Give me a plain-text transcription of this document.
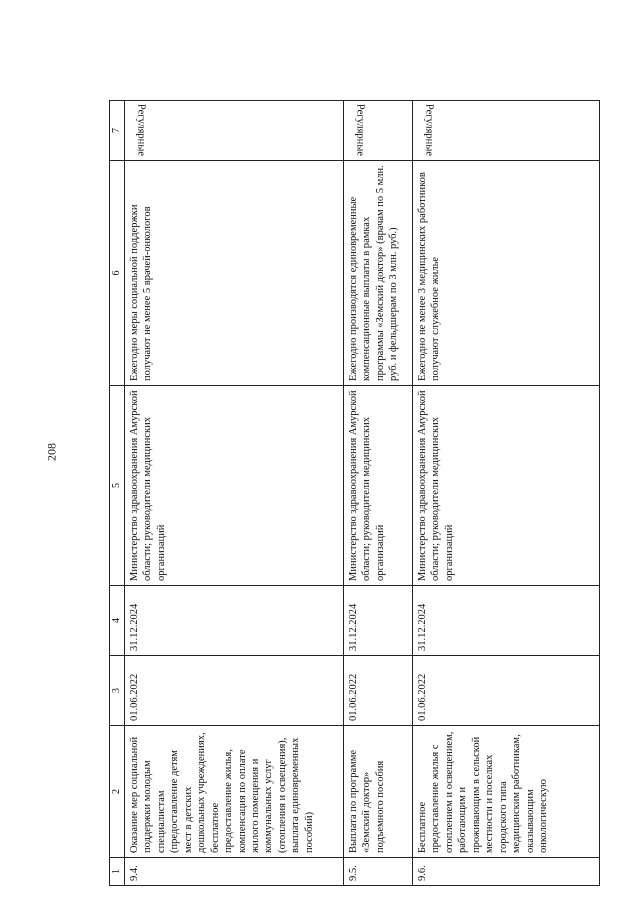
208
1	2	3	4	5	6	7
9.4.	Оказание мер социальной поддержки молодым специалистам (предоставление детям мест в детских дошкольных учреждениях, бесплатное предоставление жилья, компенсация по оплате жилого помещения и коммунальных услуг (отопления и освещения), выплата единовременных пособий)	01.06.2022	31.12.2024	Министерство здравоохранения Амурской области; руководители медицинских организаций	Ежегодно меры социальной поддержки получают не менее 5 врачей-онкологов	Регулярные
9.5.	Выплата по программе «Земский доктор» подъемного пособия	01.06.2022	31.12.2024	Министерство здравоохранения Амурской области; руководители медицинских организаций	Ежегодно производятся единовременные компенсационные выплаты в рамках программы «Земский доктор» (врачам по 5 млн. руб. и фельдшерам по 3 млн. руб.)	Регулярные
9.6.	Бесплатное предоставление жилья с отоплением и освещением, работающим и проживающим в сельской местности и поселках городского типа медицинским работникам, оказывающим онкологическую	01.06.2022	31.12.2024	Министерство здравоохранения Амурской области; руководители медицинских организаций	Ежегодно не менее 3 медицинских работников получают служебное жилье	Регулярные
